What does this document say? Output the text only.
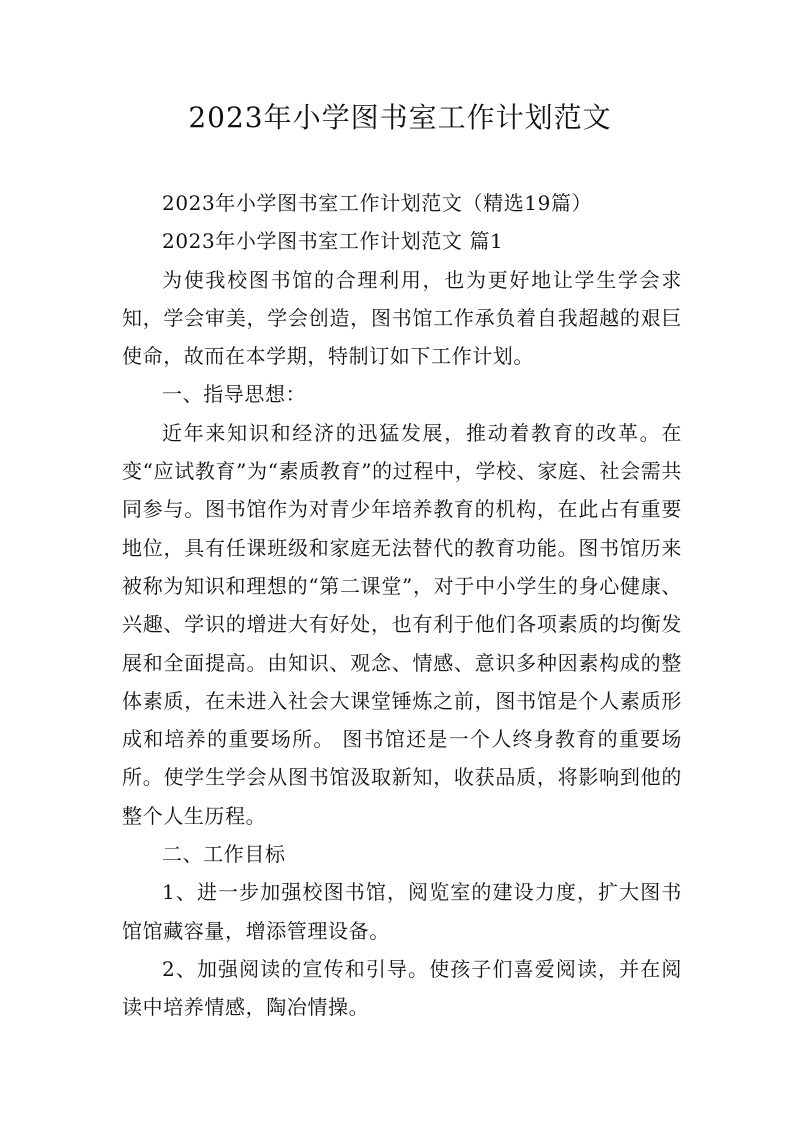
2023年小学图书室工作计划范文

2023年小学图书室工作计划范文（精选19篇）

2023年小学图书室工作计划范文 篇1

为使我校图书馆的合理利用，也为更好地让学生学会求知，学会审美，学会创造，图书馆工作承负着自我超越的艰巨使命，故而在本学期，特制订如下工作计划。

一、指导思想：

近年来知识和经济的迅猛发展，推动着教育的改革。在变“应试教育”为“素质教育”的过程中，学校、家庭、社会需共同参与。图书馆作为对青少年培养教育的机构，在此占有重要地位，具有任课班级和家庭无法替代的教育功能。图书馆历来被称为知识和理想的“第二课堂”，对于中小学生的身心健康、兴趣、学识的增进大有好处，也有利于他们各项素质的均衡发展和全面提高。由知识、观念、情感、意识多种因素构成的整体素质，在未进入社会大课堂锤炼之前，图书馆是个人素质形成和培养的重要场所。 图书馆还是一个人终身教育的重要场所。使学生学会从图书馆汲取新知，收获品质，将影响到他的整个人生历程。

二、工作目标

1、进一步加强校图书馆，阅览室的建设力度，扩大图书馆馆藏容量，增添管理设备。

2、加强阅读的宣传和引导。使孩子们喜爱阅读，并在阅读中培养情感，陶冶情操。
